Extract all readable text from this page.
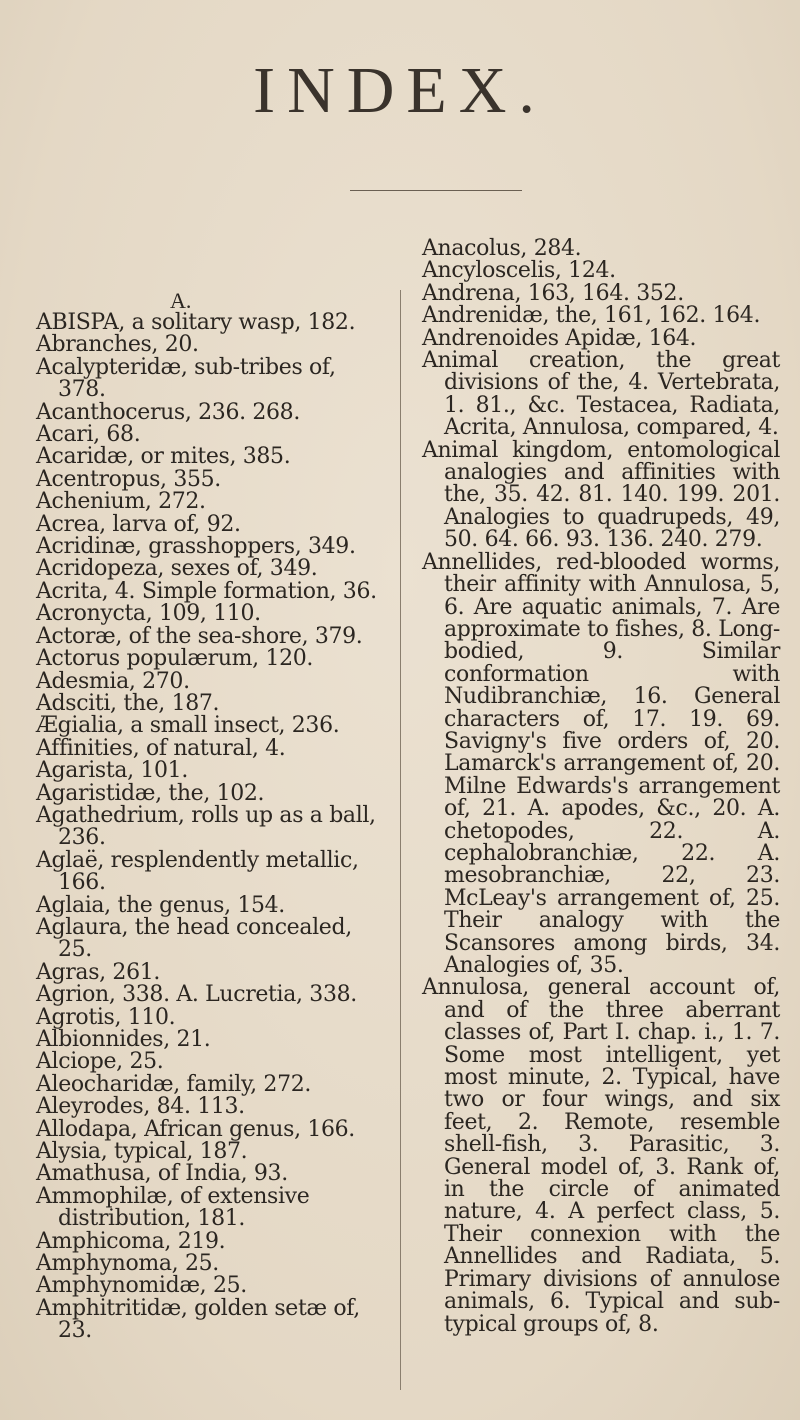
INDEX.
A.

ABISPA, a solitary wasp, 182.

Abranches, 20.

Acalypteridæ, sub-tribes of, 378.

Acanthocerus, 236. 268.

Acari, 68.

Acaridæ, or mites, 385.

Acentropus, 355.

Achenium, 272.

Acrea, larva of, 92.

Acridinæ, grasshoppers, 349.

Acridopeza, sexes of, 349.

Acrita, 4. Simple formation, 36.

Acronycta, 109, 110.

Actoræ, of the sea-shore, 379.

Actorus populærum, 120.

Adesmia, 270.

Adsciti, the, 187.

Ægialia, a small insect, 236.

Affinities, of natural, 4.

Agarista, 101.

Agaristidæ, the, 102.

Agathedrium, rolls up as a ball, 236.

Aglaë, resplendently metallic, 166.

Aglaia, the genus, 154.

Aglaura, the head concealed, 25.

Agras, 261.

Agrion, 338. A. Lucretia, 338.

Agrotis, 110.

Albionnides, 21.

Alciope, 25.

Aleocharidæ, family, 272.

Aleyrodes, 84. 113.

Allodapa, African genus, 166.

Alysia, typical, 187.

Amathusa, of India, 93.

Ammophilæ, of extensive distribution, 181.

Amphicoma, 219.

Amphynoma, 25.

Amphynomidæ, 25.

Amphitritidæ, golden setæ of, 23.

Anacolus, 284.

Ancyloscelis, 124.

Andrena, 163, 164. 352.

Andrenidæ, the, 161, 162. 164.

Andrenoides Apidæ, 164.

Animal creation, the great divisions of the, 4. Vertebrata, 1. 81., &c. Testacea, Radiata, Acrita, Annulosa, compared, 4.

Animal kingdom, entomological analogies and affinities with the, 35. 42. 81. 140. 199. 201. Analogies to quadrupeds, 49, 50. 64. 66. 93. 136. 240. 279.

Annellides, red-blooded worms, their affinity with Annulosa, 5, 6. Are aquatic animals, 7. Are approximate to fishes, 8. Long-bodied, 9. Similar conformation with Nudibranchiæ, 16. General characters of, 17. 19. 69. Savigny's five orders of, 20. Lamarck's arrangement of, 20. Milne Edwards's arrangement of, 21. A. apodes, &c., 20. A. chetopodes, 22. A. cephalobranchiæ, 22. A. mesobranchiæ, 22, 23. McLeay's arrangement of, 25. Their analogy with the Scansores among birds, 34. Analogies of, 35.

Annulosa, general account of, and of the three aberrant classes of, Part I. chap. i., 1. 7. Some most intelligent, yet most minute, 2. Typical, have two or four wings, and six feet, 2. Remote, resemble shell-fish, 3. Parasitic, 3. General model of, 3. Rank of, in the circle of animated nature, 4. A perfect class, 5. Their connexion with the Annellides and Radiata, 5. Primary divisions of annulose animals, 6. Typical and sub-typical groups of, 8.
